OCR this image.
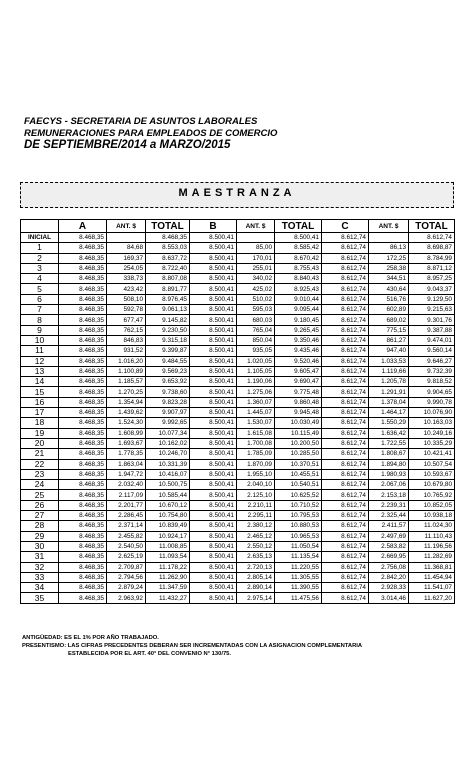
FAECYS - SECRETARIA DE ASUNTOS LABORALES
REMUNERACIONES PARA EMPLEADOS DE COMERCIO
DE SEPTIEMBRE/2014 a MARZO/2015
MAESTRANZA
	A	ANT. $	TOTAL	B	ANT. $	TOTAL	C	ANT. $	TOTAL
INICIAL	8.468,35		8.468,35	8.500,41		8.500,41	8.612,74		8.612,74
1	8.468,35	84,68	8.553,03	8.500,41	85,00	8.585,42	8.612,74	86,13	8.698,87
2	8.468,35	169,37	8.637,72	8.500,41	170,01	8.670,42	8.612,74	172,25	8.784,99
3	8.468,35	254,05	8.722,40	8.500,41	255,01	8.755,43	8.612,74	258,38	8.871,12
4	8.468,35	338,73	8.807,08	8.500,41	340,02	8.840,43	8.612,74	344,51	8.957,25
5	8.468,35	423,42	8.891,77	8.500,41	425,02	8.925,43	8.612,74	430,64	9.043,37
6	8.468,35	508,10	8.976,45	8.500,41	510,02	9.010,44	8.612,74	516,76	9.129,50
7	8.468,35	592,78	9.061,13	8.500,41	595,03	9.095,44	8.612,74	602,89	9.215,63
8	8.468,35	677,47	9.145,82	8.500,41	680,03	9.180,45	8.612,74	689,02	9.301,76
9	8.468,35	762,15	9.230,50	8.500,41	765,04	9.265,45	8.612,74	775,15	9.387,88
10	8.468,35	846,83	9.315,18	8.500,41	850,04	9.350,46	8.612,74	861,27	9.474,01
11	8.468,35	931,52	9.399,87	8.500,41	935,05	9.435,46	8.612,74	947,40	9.560,14
12	8.468,35	1.016,20	9.484,55	8.500,41	1.020,05	9.520,46	8.612,74	1.033,53	9.646,27
13	8.468,35	1.100,89	9.569,23	8.500,41	1.105,05	9.605,47	8.612,74	1.119,66	9.732,39
14	8.468,35	1.185,57	9.653,92	8.500,41	1.190,06	9.690,47	8.612,74	1.205,78	9.818,52
15	8.468,35	1.270,25	9.738,60	8.500,41	1.275,06	9.775,48	8.612,74	1.291,91	9.904,65
16	8.468,35	1.354,94	9.823,28	8.500,41	1.360,07	9.860,48	8.612,74	1.378,04	9.990,78
17	8.468,35	1.439,62	9.907,97	8.500,41	1.445,07	9.945,48	8.612,74	1.464,17	10.076,90
18	8.468,35	1.524,30	9.992,65	8.500,41	1.530,07	10.030,49	8.612,74	1.550,29	10.163,03
19	8.468,35	1.608,99	10.077,34	8.500,41	1.615,08	10.115,49	8.612,74	1.636,42	10.249,16
20	8.468,35	1.693,67	10.162,02	8.500,41	1.700,08	10.200,50	8.612,74	1.722,55	10.335,29
21	8.468,35	1.778,35	10.246,70	8.500,41	1.785,09	10.285,50	8.612,74	1.808,67	10.421,41
22	8.468,35	1.863,04	10.331,39	8.500,41	1.870,09	10.370,51	8.612,74	1.894,80	10.507,54
23	8.468,35	1.947,72	10.416,07	8.500,41	1.955,10	10.455,51	8.612,74	1.980,93	10.593,67
24	8.468,35	2.032,40	10.500,75	8.500,41	2.040,10	10.540,51	8.612,74	2.067,06	10.679,80
25	8.468,35	2.117,09	10.585,44	8.500,41	2.125,10	10.625,52	8.612,74	2.153,18	10.765,92
26	8.468,35	2.201,77	10.670,12	8.500,41	2.210,11	10.710,52	8.612,74	2.239,31	10.852,05
27	8.468,35	2.286,45	10.754,80	8.500,41	2.295,11	10.795,53	8.612,74	2.325,44	10.938,18
28	8.468,35	2.371,14	10.839,49	8.500,41	2.380,12	10.880,53	8.612,74	2.411,57	11.024,30
29	8.468,35	2.455,82	10.924,17	8.500,41	2.465,12	10.965,53	8.612,74	2.497,69	11.110,43
30	8.468,35	2.540,50	11.008,85	8.500,41	2.550,12	11.050,54	8.612,74	2.583,82	11.196,56
31	8.468,35	2.625,19	11.093,54	8.500,41	2.635,13	11.135,54	8.612,74	2.669,95	11.282,69
32	8.468,35	2.709,87	11.178,22	8.500,41	2.720,13	11.220,55	8.612,74	2.756,08	11.368,81
33	8.468,35	2.794,56	11.262,90	8.500,41	2.805,14	11.305,55	8.612,74	2.842,20	11.454,94
34	8.468,35	2.879,24	11.347,59	8.500,41	2.890,14	11.390,55	8.612,74	2.928,33	11.541,07
35	8.468,35	2.963,92	11.432,27	8.500,41	2.975,14	11.475,56	8.612,74	3.014,46	11.627,20
ANTIGÜEDAD: ES EL 1% POR AÑO TRABAJADO.
PRESENTISMO: LAS CIFRAS PRECEDENTES DEBERAN SER INCREMENTADAS CON LA ASIGNACION COMPLEMENTARIA
ESTABLECIDA POR EL ART. 40° DEL CONVENIO N° 130/75.
